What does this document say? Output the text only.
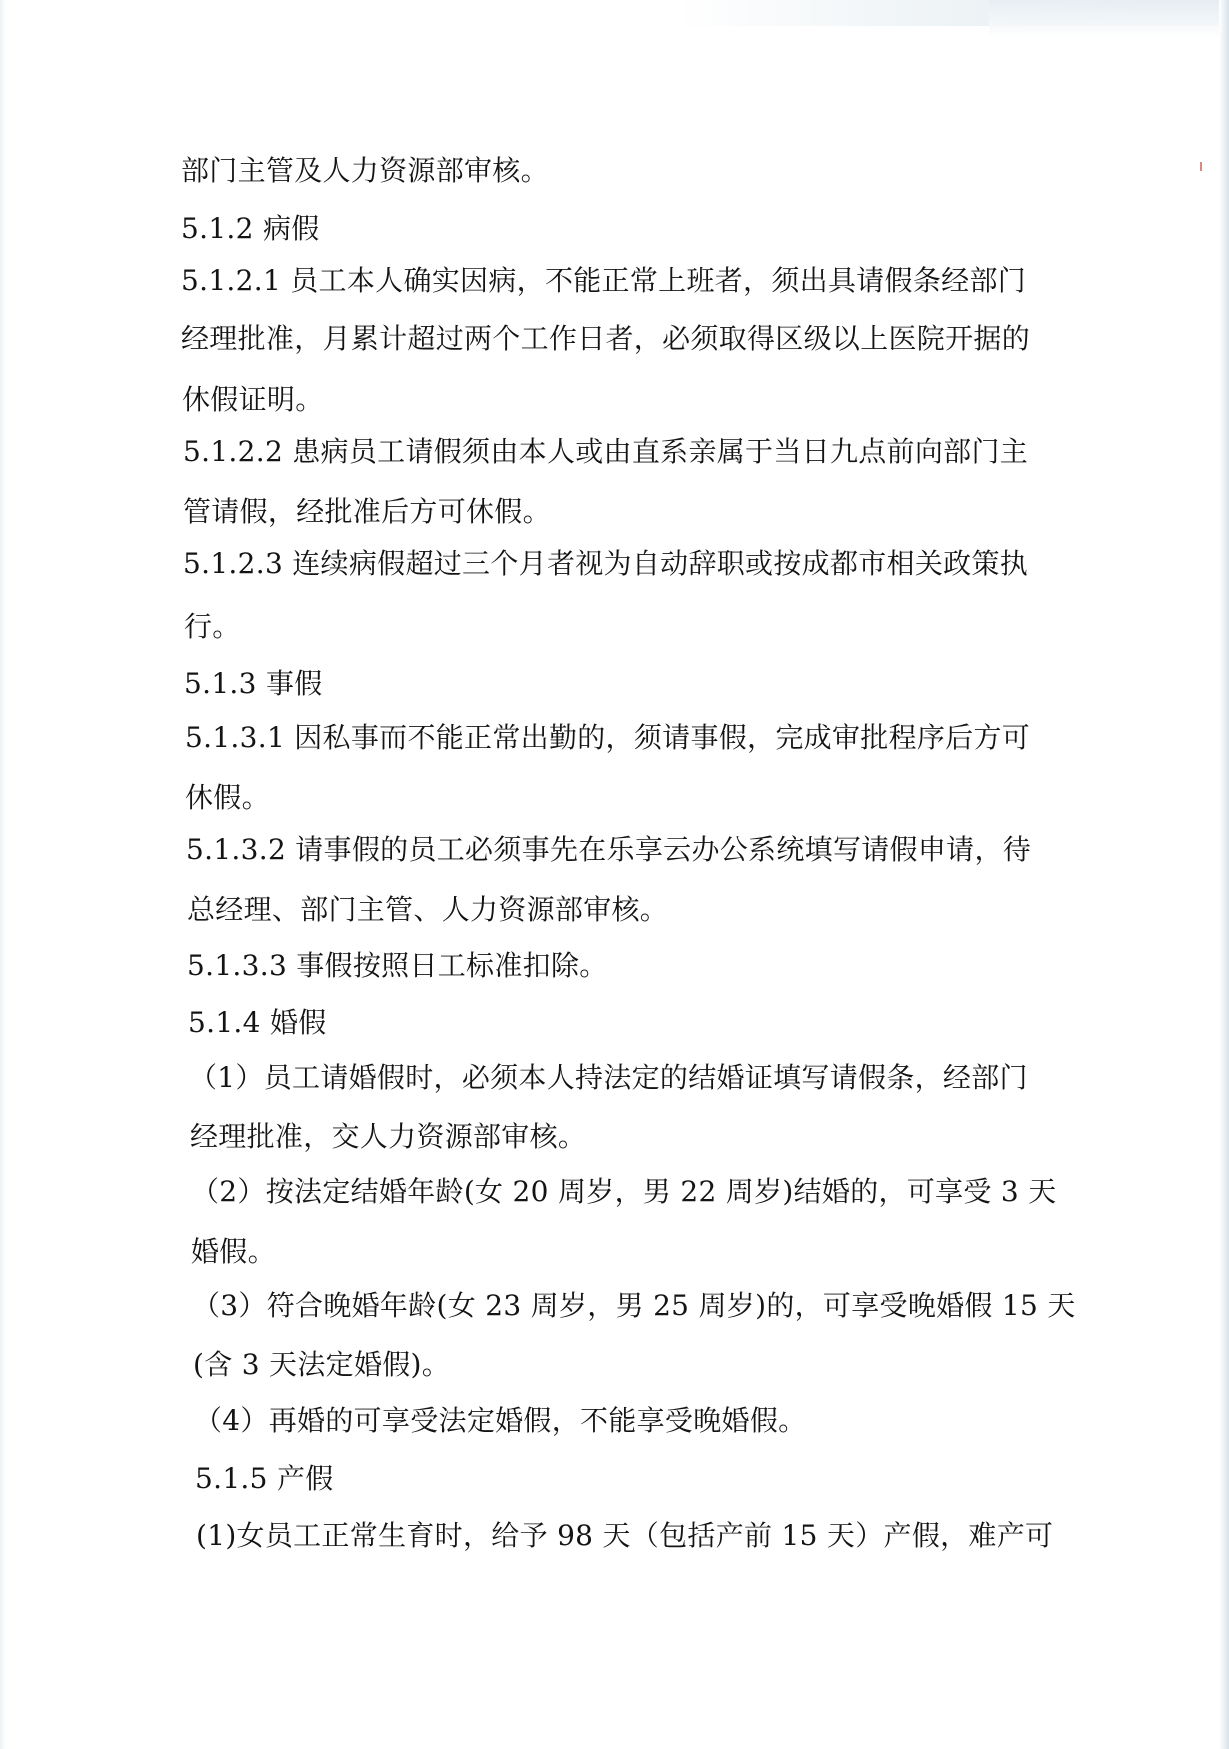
部门主管及人力资源部审核。
5.1.2 病假
5.1.2.1 员工本人确实因病，不能正常上班者，须出具请假条经部门
经理批准，月累计超过两个工作日者，必须取得区级以上医院开据的
休假证明。
5.1.2.2 患病员工请假须由本人或由直系亲属于当日九点前向部门主
管请假，经批准后方可休假。
5.1.2.3 连续病假超过三个月者视为自动辞职或按成都市相关政策执
行。
5.1.3 事假
5.1.3.1 因私事而不能正常出勤的，须请事假，完成审批程序后方可
休假。
5.1.3.2 请事假的员工必须事先在乐享云办公系统填写请假申请，待
总经理、部门主管、人力资源部审核。
5.1.3.3 事假按照日工标准扣除。
5.1.4 婚假
（1）员工请婚假时，必须本人持法定的结婚证填写请假条，经部门
经理批准，交人力资源部审核。
（2）按法定结婚年龄(女 20 周岁，男 22 周岁)结婚的，可享受 3 天
婚假。
（3）符合晚婚年龄(女 23 周岁，男 25 周岁)的，可享受晚婚假 15 天
(含 3 天法定婚假)。
（4）再婚的可享受法定婚假，不能享受晚婚假。
5.1.5 产假
(1)女员工正常生育时，给予 98 天（包括产前 15 天）产假，难产可
